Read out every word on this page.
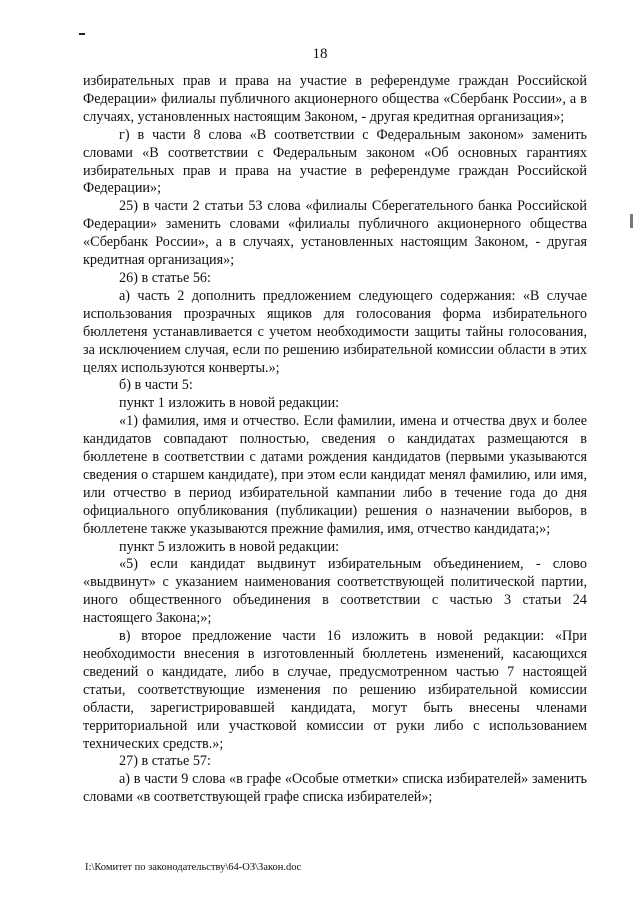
18

избирательных прав и права на участие в референдуме граждан Российской Федерации» филиалы публичного акционерного общества «Сбербанк России», а в случаях, установленных настоящим Законом, - другая кредитная организация»;

г) в части 8 слова «В соответствии с Федеральным законом» заменить словами «В соответствии с Федеральным законом «Об основных гарантиях избирательных прав и права на участие в референдуме граждан Российской Федерации»;

25) в части 2 статьи 53 слова «филиалы Сберегательного банка Российской Федерации» заменить словами «филиалы публичного акционерного общества «Сбербанк России», а в случаях, установленных настоящим Законом, - другая кредитная организация»;

26) в статье 56:

а) часть 2 дополнить предложением следующего содержания: «В случае использования прозрачных ящиков для голосования форма избирательного бюллетеня устанавливается с учетом необходимости защиты тайны голосования, за исключением случая, если по решению избирательной комиссии области в этих целях используются конверты.»;

б) в части 5:

пункт 1 изложить в новой редакции:

«1) фамилия, имя и отчество. Если фамилии, имена и отчества двух и более кандидатов совпадают полностью, сведения о кандидатах размещаются в бюллетене в соответствии с датами рождения кандидатов (первыми указываются сведения о старшем кандидате), при этом если кандидат менял фамилию, или имя, или отчество в период избирательной кампании либо в течение года до дня официального опубликования (публикации) решения о назначении выборов, в бюллетене также указываются прежние фамилия, имя, отчество кандидата;»;

пункт 5 изложить в новой редакции:

«5) если кандидат выдвинут избирательным объединением, - слово «выдвинут» с указанием наименования соответствующей политической партии, иного общественного объединения в соответствии с частью 3 статьи 24 настоящего Закона;»;

в) второе предложение части 16 изложить в новой редакции: «При необходимости внесения в изготовленный бюллетень изменений, касающихся сведений о кандидате, либо в случае, предусмотренном частью 7 настоящей статьи, соответствующие изменения по решению избирательной комиссии области, зарегистрировавшей кандидата, могут быть внесены членами территориальной или участковой комиссии от руки либо с использованием технических средств.»;

27) в статье 57:

а) в части 9 слова «в графе «Особые отметки» списка избирателей» заменить словами «в соответствующей графе списка избирателей»;

I:\Комитет по законодательству\64-ОЗ\Закон.doc
